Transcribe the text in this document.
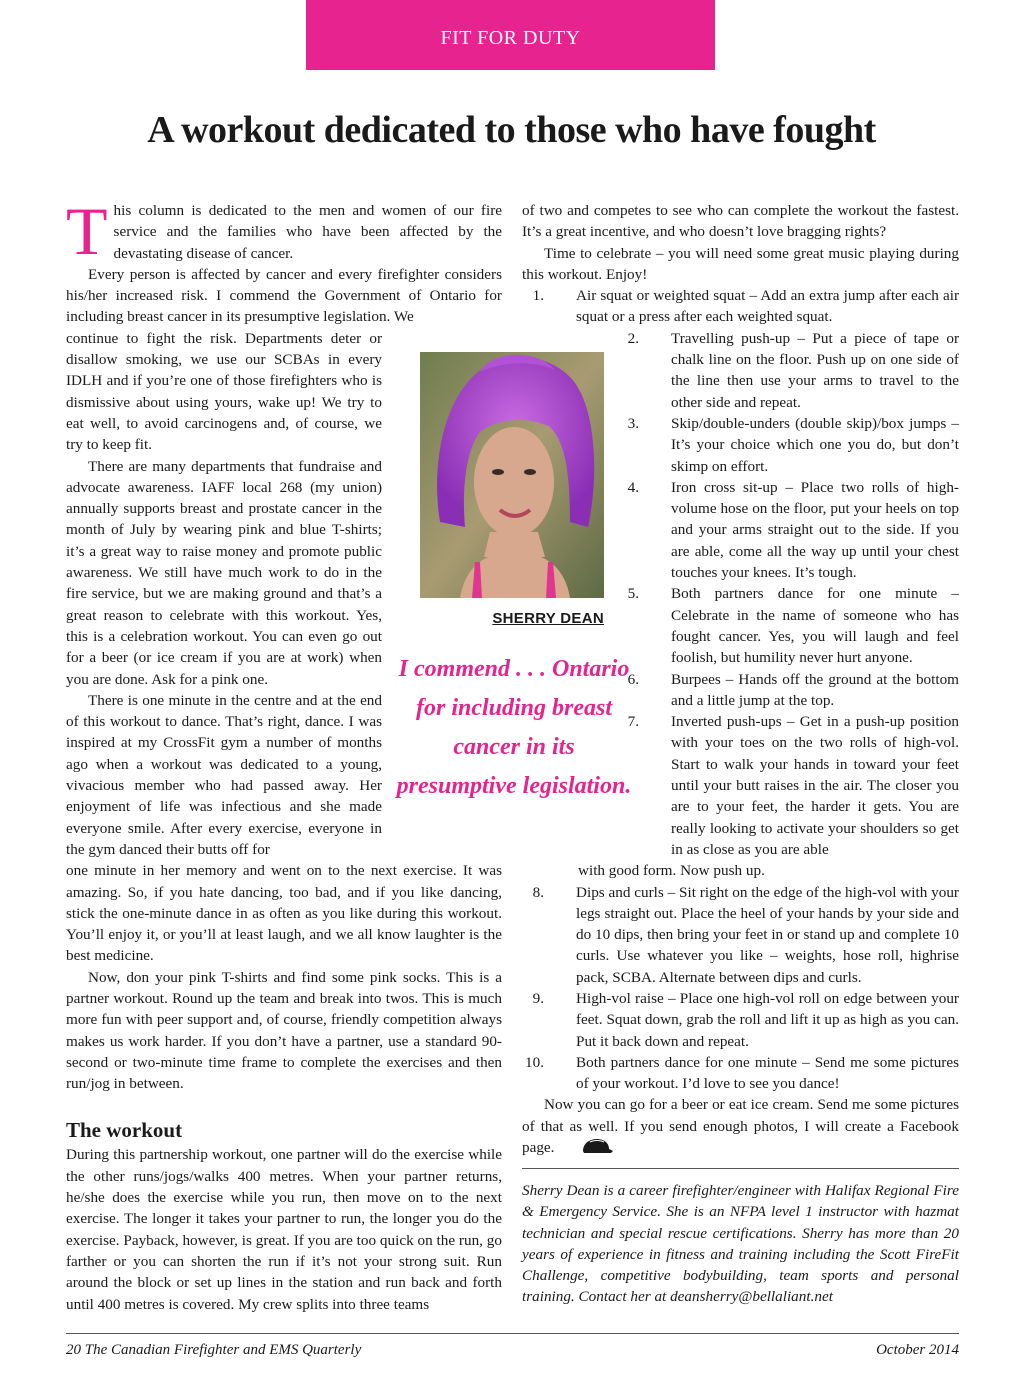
FIT FOR DUTY
A workout dedicated to those who have fought

This column is dedicated to the men and women of our fire service and the families who have been affected by the devastating disease of cancer.

Every person is affected by cancer and every firefighter considers his/her increased risk. I commend the Government of Ontario for including breast cancer in its presumptive legislation. We

continue to fight the risk. Departments deter or disallow smoking, we use our SCBAs in every IDLH and if you’re one of those firefighters who is dismissive about using yours, wake up! We try to eat well, to avoid carcinogens and, of course, we try to keep fit.

There are many departments that fundraise and advocate awareness. IAFF local 268 (my union) annually supports breast and prostate cancer in the month of July by wearing pink and blue T-shirts; it’s a great way to raise money and promote public awareness. We still have much work to do in the fire service, but we are making ground and that’s a great reason to celebrate with this workout. Yes, this is a celebration workout. You can even go out for a beer (or ice cream if you are at work) when you are done. Ask for a pink one.

There is one minute in the centre and at the end of this workout to dance. That’s right, dance. I was inspired at my CrossFit gym a number of months ago when a workout was dedicated to a young, vivacious member who had passed away. Her enjoyment of life was infectious and she made everyone smile. After every exercise, everyone in the gym danced their butts off for

one minute in her memory and went on to the next exercise. It was amazing. So, if you hate dancing, too bad, and if you like dancing, stick the one-minute dance in as often as you like during this workout. You’ll enjoy it, or you’ll at least laugh, and we all know laughter is the best medicine.

Now, don your pink T-shirts and find some pink socks. This is a partner workout. Round up the team and break into twos. This is much more fun with peer support and, of course, friendly competition always makes us work harder. If you don’t have a partner, use a standard 90-second or two-minute time frame to complete the exercises and then run/jog in between.

The workout

During this partnership workout, one partner will do the exercise while the other runs/jogs/walks 400 metres. When your partner returns, he/she does the exercise while you run, then move on to the next exercise. The longer it takes your partner to run, the longer you do the exercise. Payback, however, is great. If you are too quick on the run, go farther or you can shorten the run if it’s not your strong suit. Run around the block or set up lines in the station and run back and forth until 400 metres is covered. My crew splits into three teams

of two and competes to see who can complete the workout the fastest. It’s a great incentive, and who doesn’t love bragging rights?

Time to celebrate – you will need some great music playing during this workout. Enjoy!

1. Air squat or weighted squat – Add an extra jump after each air squat or a press after each weighted squat.
2. Travelling push-up – Put a piece of tape or chalk line on the floor. Push up on one side of the line then use your arms to travel to the other side and repeat.
3. Skip/double-unders (double skip)/box jumps – It’s your choice which one you do, but don’t skimp on effort.
4. Iron cross sit-up – Place two rolls of high-volume hose on the floor, put your heels on top and your arms straight out to the side. If you are able, come all the way up until your chest touches your knees. It’s tough.
5. Both partners dance for one minute – Celebrate in the name of someone who has fought cancer. Yes, you will laugh and feel foolish, but humility never hurt anyone.
6. Burpees – Hands off the ground at the bottom and a little jump at the top.
7. Inverted push-ups – Get in a push-up position with your toes on the two rolls of high-vol. Start to walk your hands in toward your feet until your butt raises in the air. The closer you are to your feet, the harder it gets. You are really looking to activate your shoulders so get in as close as you are able
with good form. Now push up.
8. Dips and curls – Sit right on the edge of the high-vol with your legs straight out. Place the heel of your hands by your side and do 10 dips, then bring your feet in or stand up and complete 10 curls. Use whatever you like – weights, hose roll, highrise pack, SCBA. Alternate between dips and curls.
9. High-vol raise – Place one high-vol roll on edge between your feet. Squat down, grab the roll and lift it up as high as you can. Put it back down and repeat.
10. Both partners dance for one minute – Send me some pictures of your workout. I’d love to see you dance!

Now you can go for a beer or eat ice cream. Send me some pictures of that as well. If you send enough photos, I will create a Facebook page.

SHERRY DEAN
I commend . . . Ontario for including breast cancer in its presumptive legislation.
Sherry Dean is a career firefighter/engineer with Halifax Regional Fire & Emergency Service. She is an NFPA level 1 instructor with hazmat technician and special rescue certifications. Sherry has more than 20 years of experience in fitness and training including the Scott FireFit Challenge, competitive bodybuilding, team sports and personal training. Contact her at deansherry@bellaliant.net
20 The Canadian Firefighter and EMS Quarterly	October 2014
